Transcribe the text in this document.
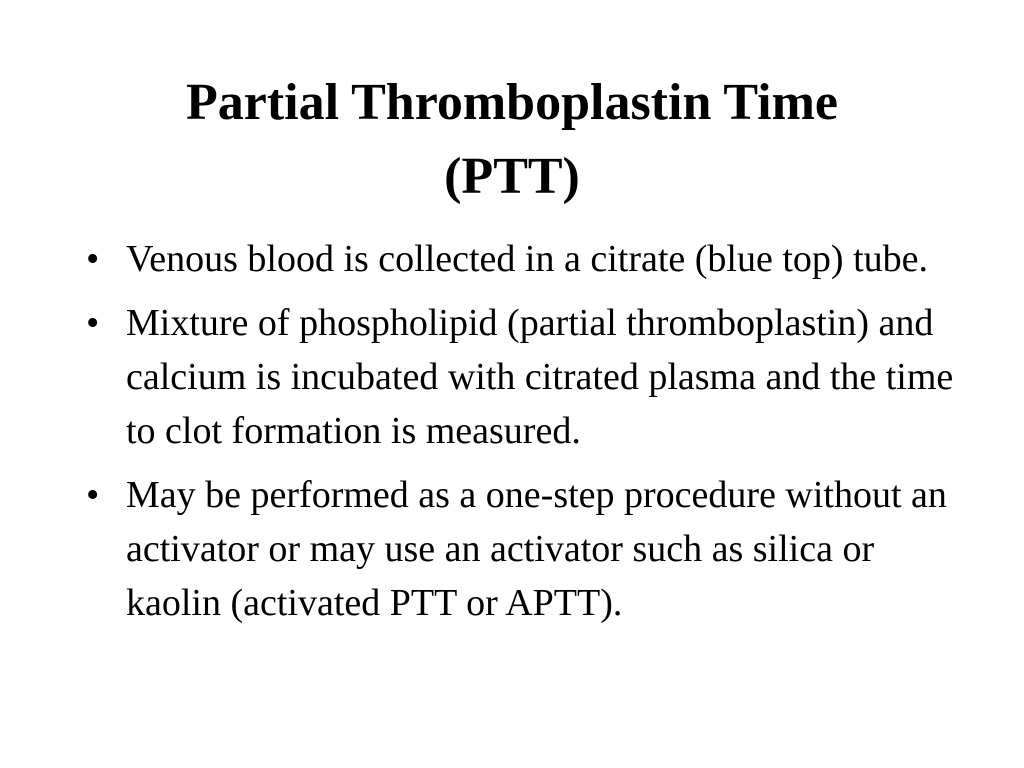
Partial Thromboplastin Time
(PTT)
• Venous blood is collected in a citrate (blue top) tube.
• Mixture of phospholipid (partial thromboplastin) and calcium is incubated with citrated plasma and the time to clot formation is measured.
• May be performed as a one-step procedure without an activator or may use an activator such as silica or kaolin (activated PTT or APTT).
